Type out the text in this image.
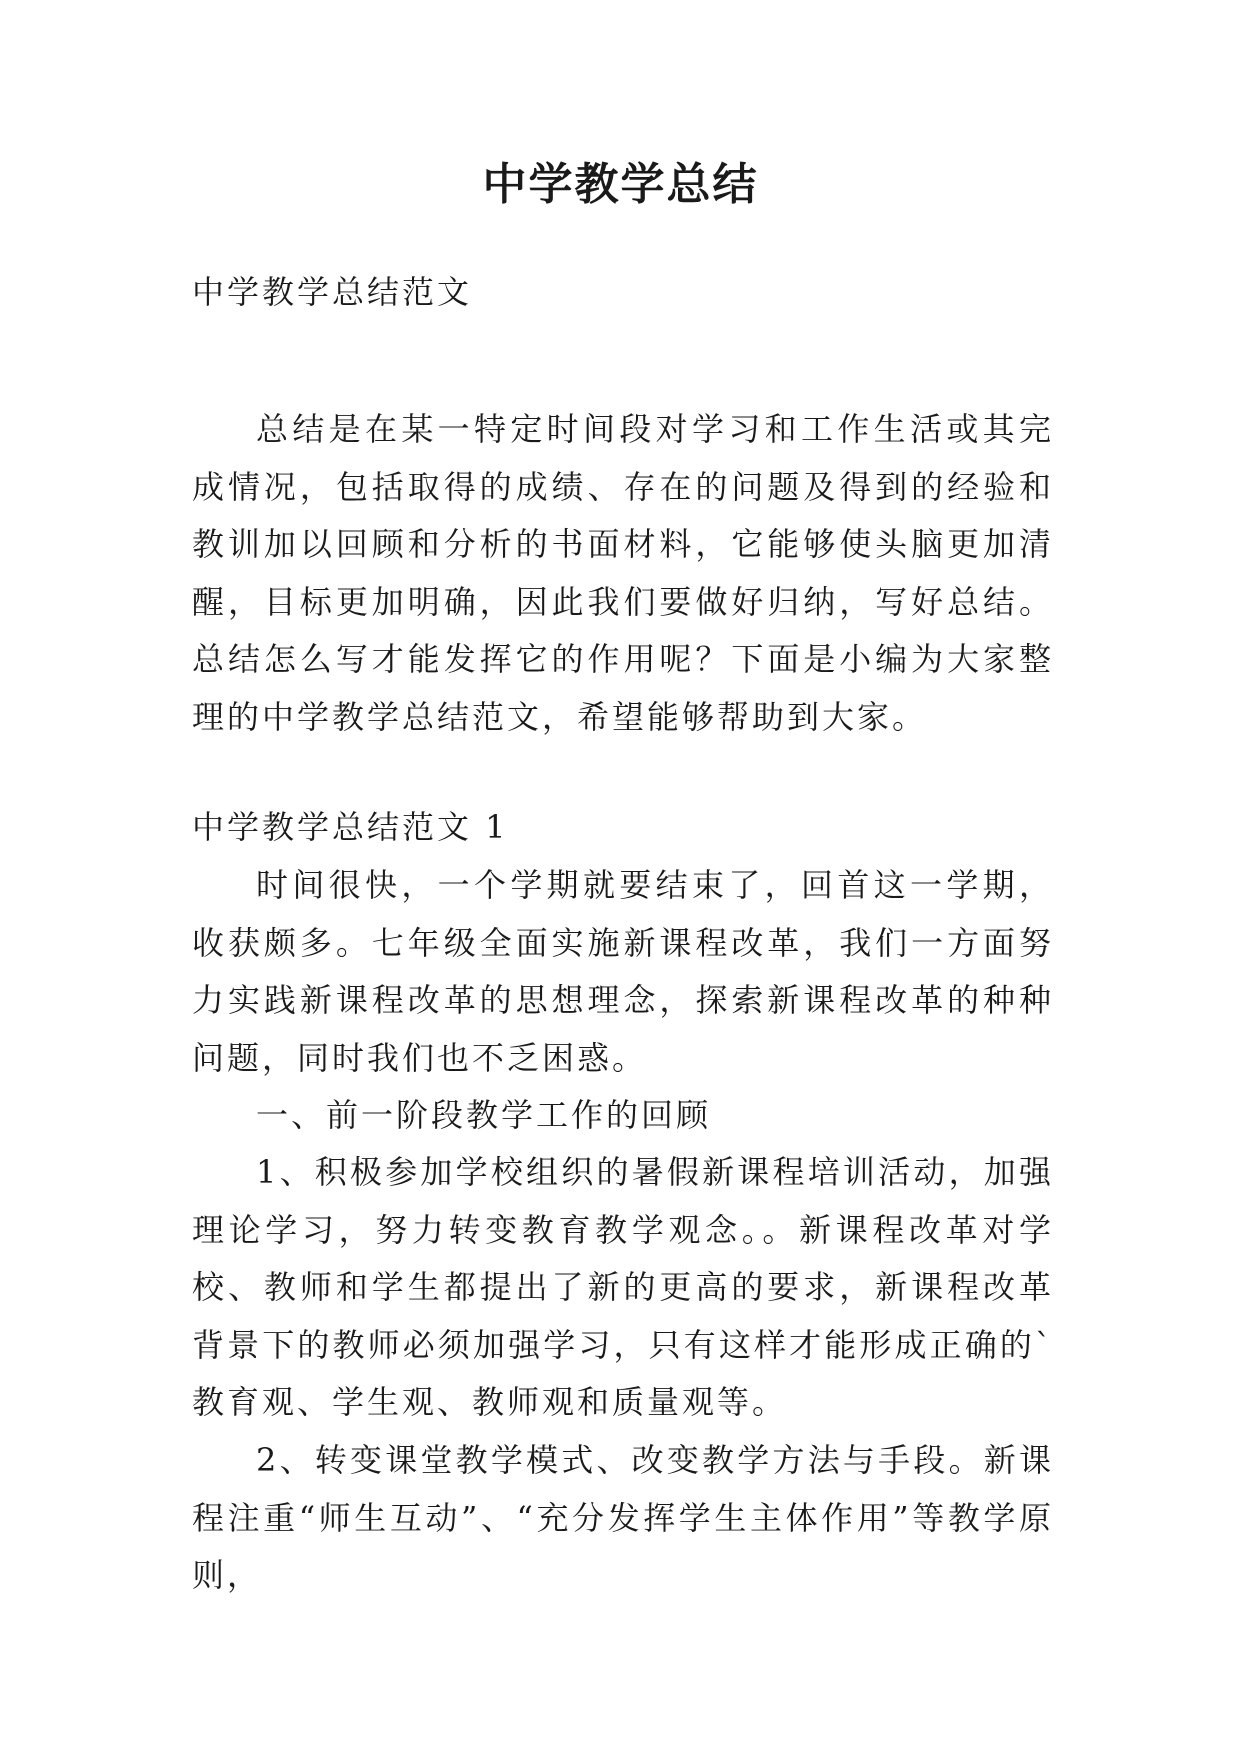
中学教学总结

中学教学总结范文

总结是在某一特定时间段对学习和工作生活或其完成情况，包括取得的成绩、存在的问题及得到的经验和教训加以回顾和分析的书面材料，它能够使头脑更加清醒，目标更加明确，因此我们要做好归纳，写好总结。总结怎么写才能发挥它的作用呢？下面是小编为大家整理的中学教学总结范文，希望能够帮助到大家。

中学教学总结范文 1

时间很快，一个学期就要结束了，回首这一学期，收获颇多。七年级全面实施新课程改革，我们一方面努力实践新课程改革的思想理念，探索新课程改革的种种问题，同时我们也不乏困惑。

一、前一阶段教学工作的回顾

1、积极参加学校组织的暑假新课程培训活动，加强理论学习，努力转变教育教学观念。。新课程改革对学校、教师和学生都提出了新的更高的要求，新课程改革背景下的教师必须加强学习，只有这样才能形成正确的`教育观、学生观、教师观和质量观等。

2、转变课堂教学模式、改变教学方法与手段。新课程注重“师生互动”、“充分发挥学生主体作用”等教学原则，
